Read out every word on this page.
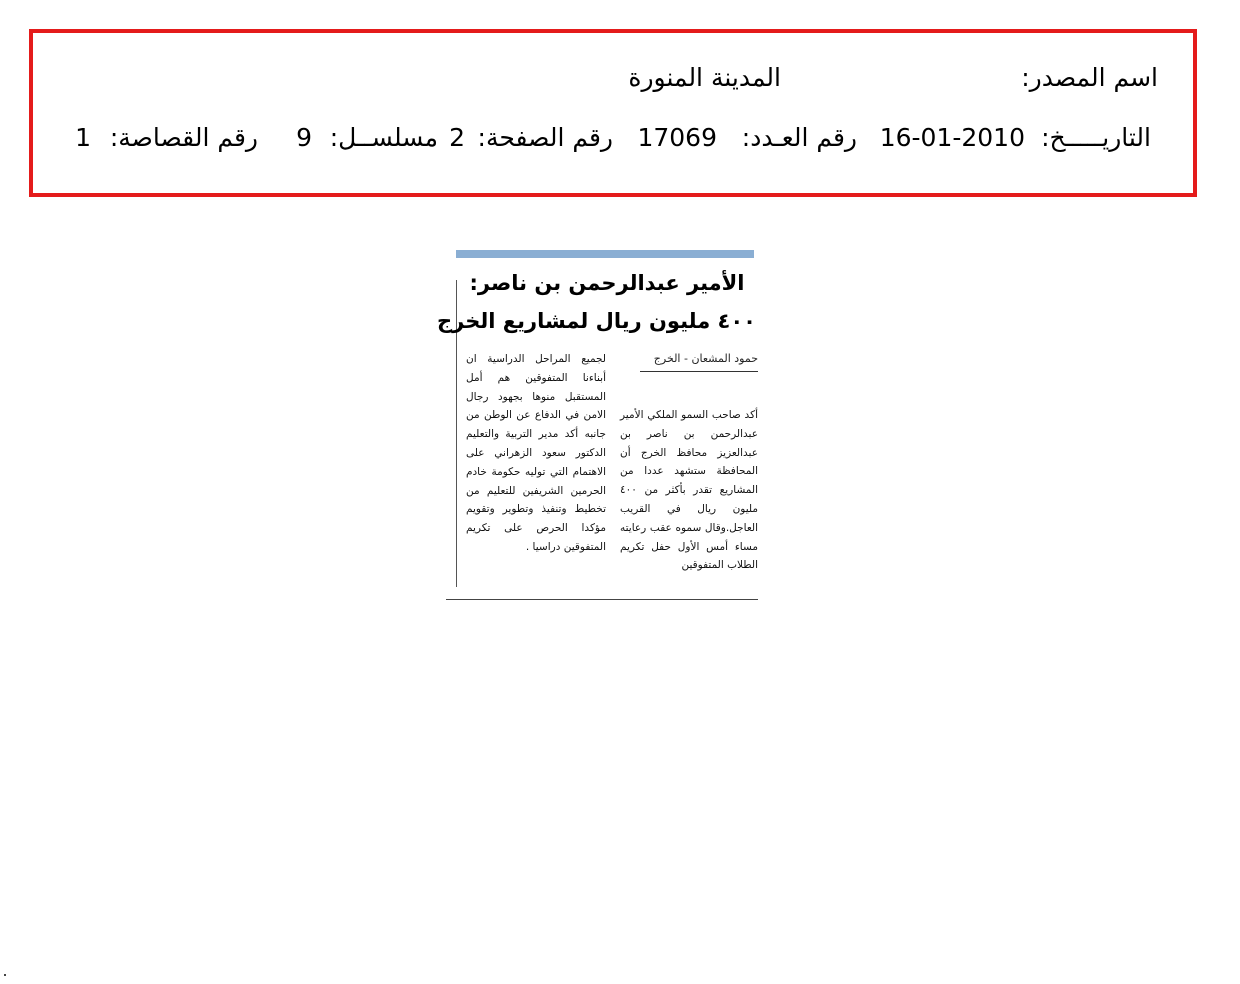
اسم المصدر:
المدينة المنورة
التاريـــــخ:
16-01-2010
رقم العـدد:
17069
رقم الصفحة:
2
مسلســل:
9
رقم القصاصة:
1
الأمير عبدالرحمن بن ناصر:
٤٠٠ مليون ريال لمشاريع الخرج
حمود المشعان - الخرج
أكد صاحب السمو الملكي الأمير عبدالرحمن بن ناصر بن عبدالعزيز محافظ الخرج أن المحافظة ستشهد عددا من المشاريع تقدر بأكثر من ٤٠٠ مليون ريال في القريب العاجل.وقال سموه عقب رعايته مساء أمس الأول حفل تكريم الطلاب المتفوقين
لجميع المراحل الدراسية ان أبناءنا المتفوقين هم أمل المستقبل منوها بجهود رجال الامن في الدفاع عن الوطن من جانبه أكد مدير التربية والتعليم الدكتور سعود الزهراني على الاهتمام التي توليه حكومة خادم الحرمين الشريفين للتعليم من تخطيط وتنفيذ وتطوير وتقويم مؤكدا الحرص على تكريم المتفوقين دراسيا .
